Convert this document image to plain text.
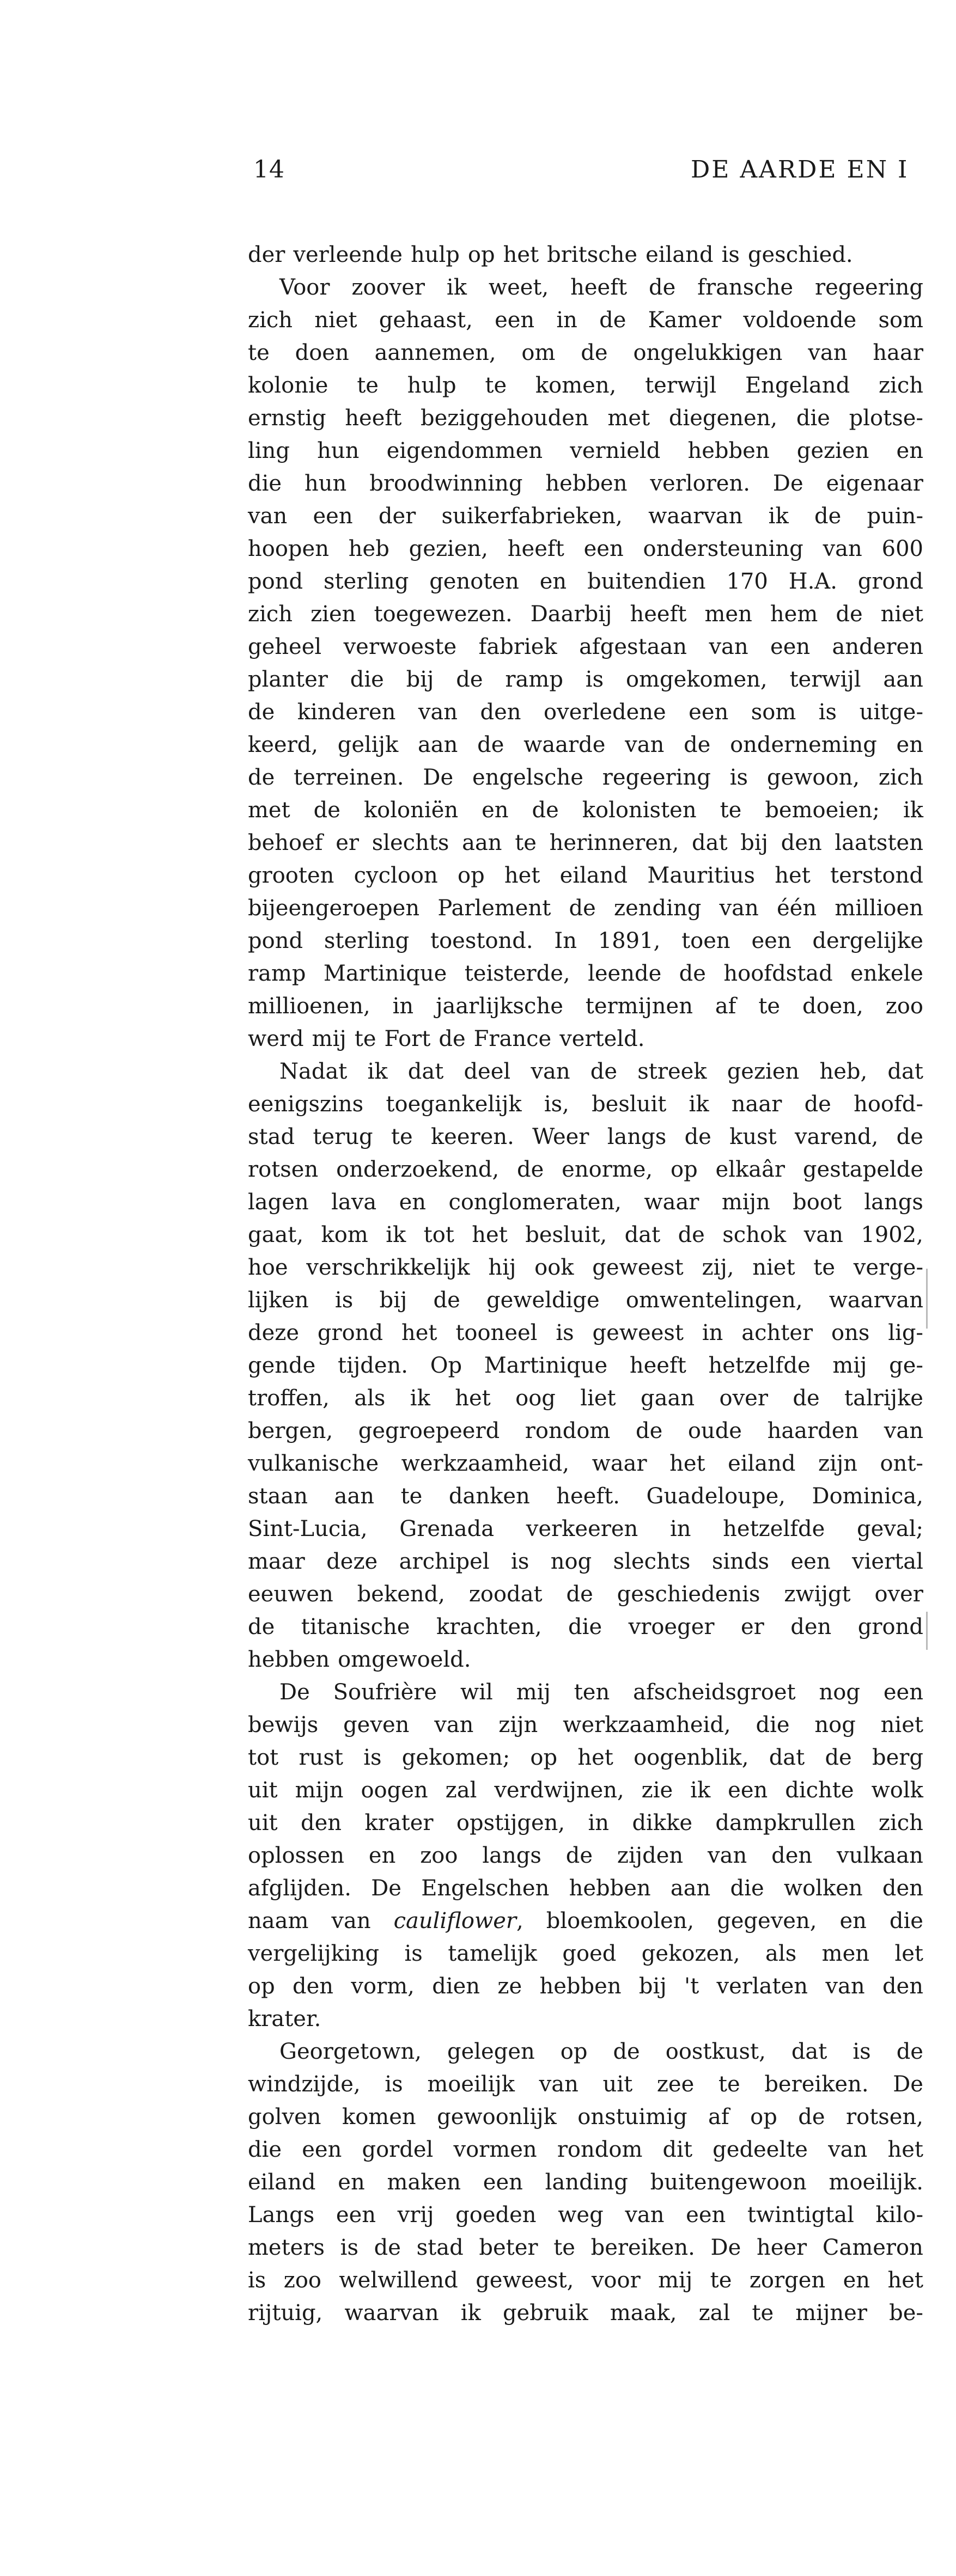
14	DE AARDE EN I
der verleende hulp op het britsche eiland is geschied.
Voor zoover ik weet, heeft de fransche regeering
zich niet gehaast, een in de Kamer voldoende som
te doen aannemen, om de ongelukkigen van haar
kolonie te hulp te komen, terwijl Engeland zich
ernstig heeft beziggehouden met diegenen, die plotse-
ling hun eigendommen vernield hebben gezien en
die hun broodwinning hebben verloren. De eigenaar
van een der suikerfabrieken, waarvan ik de puin-
hoopen heb gezien, heeft een ondersteuning van 600
pond sterling genoten en buitendien 170 H.A. grond
zich zien toegewezen. Daarbij heeft men hem de niet
geheel verwoeste fabriek afgestaan van een anderen
planter die bij de ramp is omgekomen, terwijl aan
de kinderen van den overledene een som is uitge-
keerd, gelijk aan de waarde van de onderneming en
de terreinen. De engelsche regeering is gewoon, zich
met de koloniën en de kolonisten te bemoeien; ik
behoef er slechts aan te herinneren, dat bij den laatsten
grooten cycloon op het eiland Mauritius het terstond
bijeengeroepen Parlement de zending van één millioen
pond sterling toestond. In 1891, toen een dergelijke
ramp Martinique teisterde, leende de hoofdstad enkele
millioenen, in jaarlijksche termijnen af te doen, zoo
werd mij te Fort de France verteld.
Nadat ik dat deel van de streek gezien heb, dat
eenigszins toegankelijk is, besluit ik naar de hoofd-
stad terug te keeren. Weer langs de kust varend, de
rotsen onderzoekend, de enorme, op elkaâr gestapelde
lagen lava en conglomeraten, waar mijn boot langs
gaat, kom ik tot het besluit, dat de schok van 1902,
hoe verschrikkelijk hij ook geweest zij, niet te verge-
lijken is bij de geweldige omwentelingen, waarvan
deze grond het tooneel is geweest in achter ons lig-
gende tijden. Op Martinique heeft hetzelfde mij ge-
troffen, als ik het oog liet gaan over de talrijke
bergen, gegroepeerd rondom de oude haarden van
vulkanische werkzaamheid, waar het eiland zijn ont-
staan aan te danken heeft. Guadeloupe, Dominica,
Sint-Lucia, Grenada verkeeren in hetzelfde geval;
maar deze archipel is nog slechts sinds een viertal
eeuwen bekend, zoodat de geschiedenis zwijgt over
de titanische krachten, die vroeger er den grond
hebben omgewoeld.
De Soufrière wil mij ten afscheidsgroet nog een
bewijs geven van zijn werkzaamheid, die nog niet
tot rust is gekomen; op het oogenblik, dat de berg
uit mijn oogen zal verdwijnen, zie ik een dichte wolk
uit den krater opstijgen, in dikke dampkrullen zich
oplossen en zoo langs de zijden van den vulkaan
afglijden. De Engelschen hebben aan die wolken den
naam van cauliflower, bloemkoolen, gegeven, en die
vergelijking is tamelijk goed gekozen, als men let
op den vorm, dien ze hebben bij 't verlaten van den
krater.
Georgetown, gelegen op de oostkust, dat is de
windzijde, is moeilijk van uit zee te bereiken. De
golven komen gewoonlijk onstuimig af op de rotsen,
die een gordel vormen rondom dit gedeelte van het
eiland en maken een landing buitengewoon moeilijk.
Langs een vrij goeden weg van een twintigtal kilo-
meters is de stad beter te bereiken. De heer Cameron
is zoo welwillend geweest, voor mij te zorgen en het
rijtuig, waarvan ik gebruik maak, zal te mijner be-
